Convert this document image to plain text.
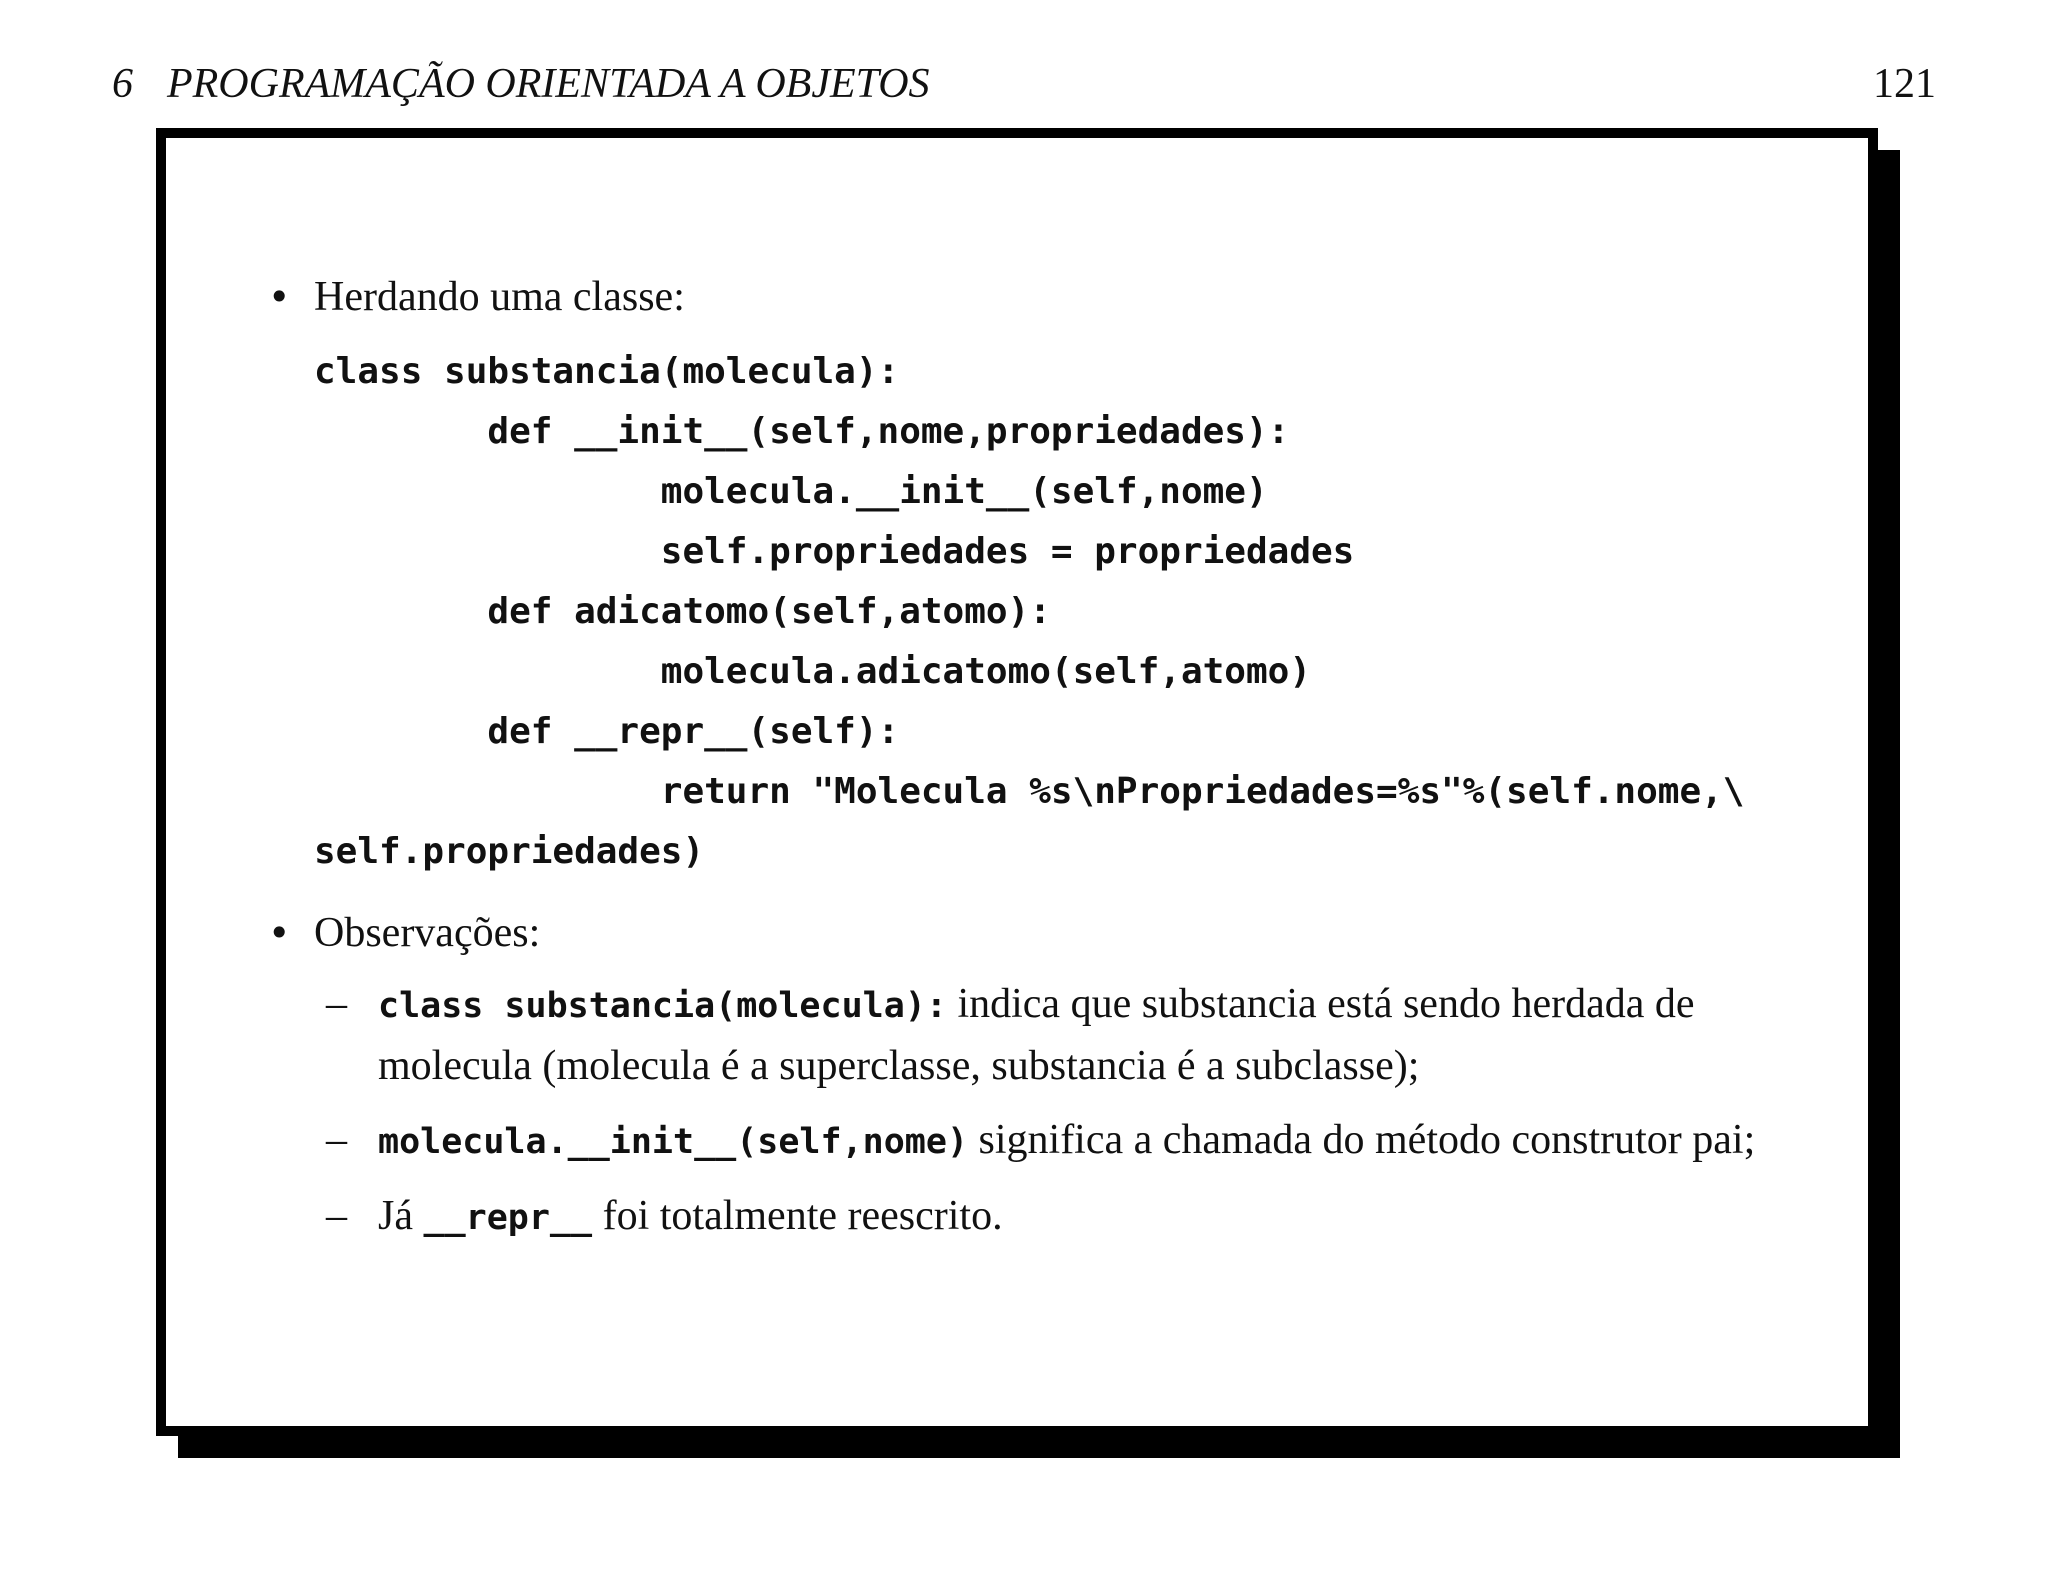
6 PROGRAMAÇÃO ORIENTADA A OBJETOS	121
• Herdando uma classe:
class substancia(molecula):
def __init__(self,nome,propriedades):
molecula.__init__(self,nome)
self.propriedades = propriedades
def adicatomo(self,atomo):
molecula.adicatomo(self,atomo)
def __repr__(self):
return "Molecula %s\nPropriedades=%s"%(self.nome,\
self.propriedades)
• Observações:
– class substancia(molecula): indica que substancia está sendo herdada de molecula (molecula é a superclasse, substancia é a subclasse);
– molecula.__init__(self,nome) significa a chamada do método construtor pai;
– Já __repr__ foi totalmente reescrito.
